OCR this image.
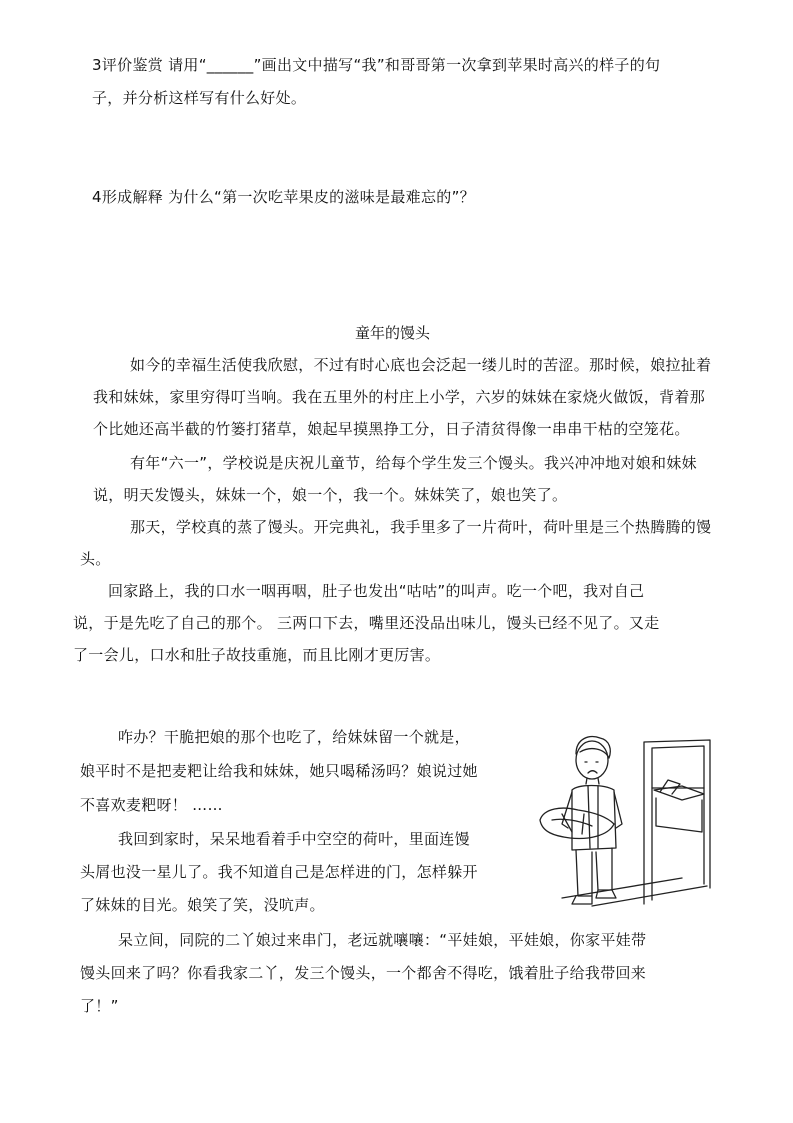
3评价鉴赏 请用“______”画出文中描写“我”和哥哥第一次拿到苹果时高兴的样子的句
子，并分析这样写有什么好处。
4形成解释 为什么“第一次吃苹果皮的滋味是最难忘的”？
童年的馒头
如今的幸福生活使我欣慰，不过有时心底也会泛起一缕儿时的苦涩。那时候，娘拉扯着
我和妹妹，家里穷得叮当响。我在五里外的村庄上小学，六岁的妹妹在家烧火做饭，背着那
个比她还高半截的竹篓打猪草，娘起早摸黑挣工分，日子清贫得像一串串干枯的空笼花。
有年“六一”，学校说是庆祝儿童节，给每个学生发三个馒头。我兴冲冲地对娘和妹妹
说，明天发馒头，妹妹一个，娘一个，我一个。妹妹笑了，娘也笑了。
那天，学校真的蒸了馒头。开完典礼，我手里多了一片荷叶，荷叶里是三个热腾腾的馒
头。
回家路上，我的口水一咽再咽，肚子也发出“咕咕”的叫声。吃一个吧，我对自己
说，于是先吃了自己的那个。 三两口下去，嘴里还没品出味儿，馒头已经不见了。又走
了一会儿，口水和肚子故技重施，而且比刚才更厉害。
咋办？干脆把娘的那个也吃了，给妹妹留一个就是，
娘平时不是把麦粑让给我和妹妹，她只喝稀汤吗？娘说过她
不喜欢麦粑呀！ ……
我回到家时，呆呆地看着手中空空的荷叶，里面连馒
头屑也没一星儿了。我不知道自己是怎样进的门，怎样躲开
了妹妹的目光。娘笑了笑，没吭声。
呆立间，同院的二丫娘过来串门，老远就嚷嚷：“平娃娘，平娃娘，你家平娃带
馒头回来了吗？你看我家二丫，发三个馒头，一个都舍不得吃，饿着肚子给我带回来
了！”
